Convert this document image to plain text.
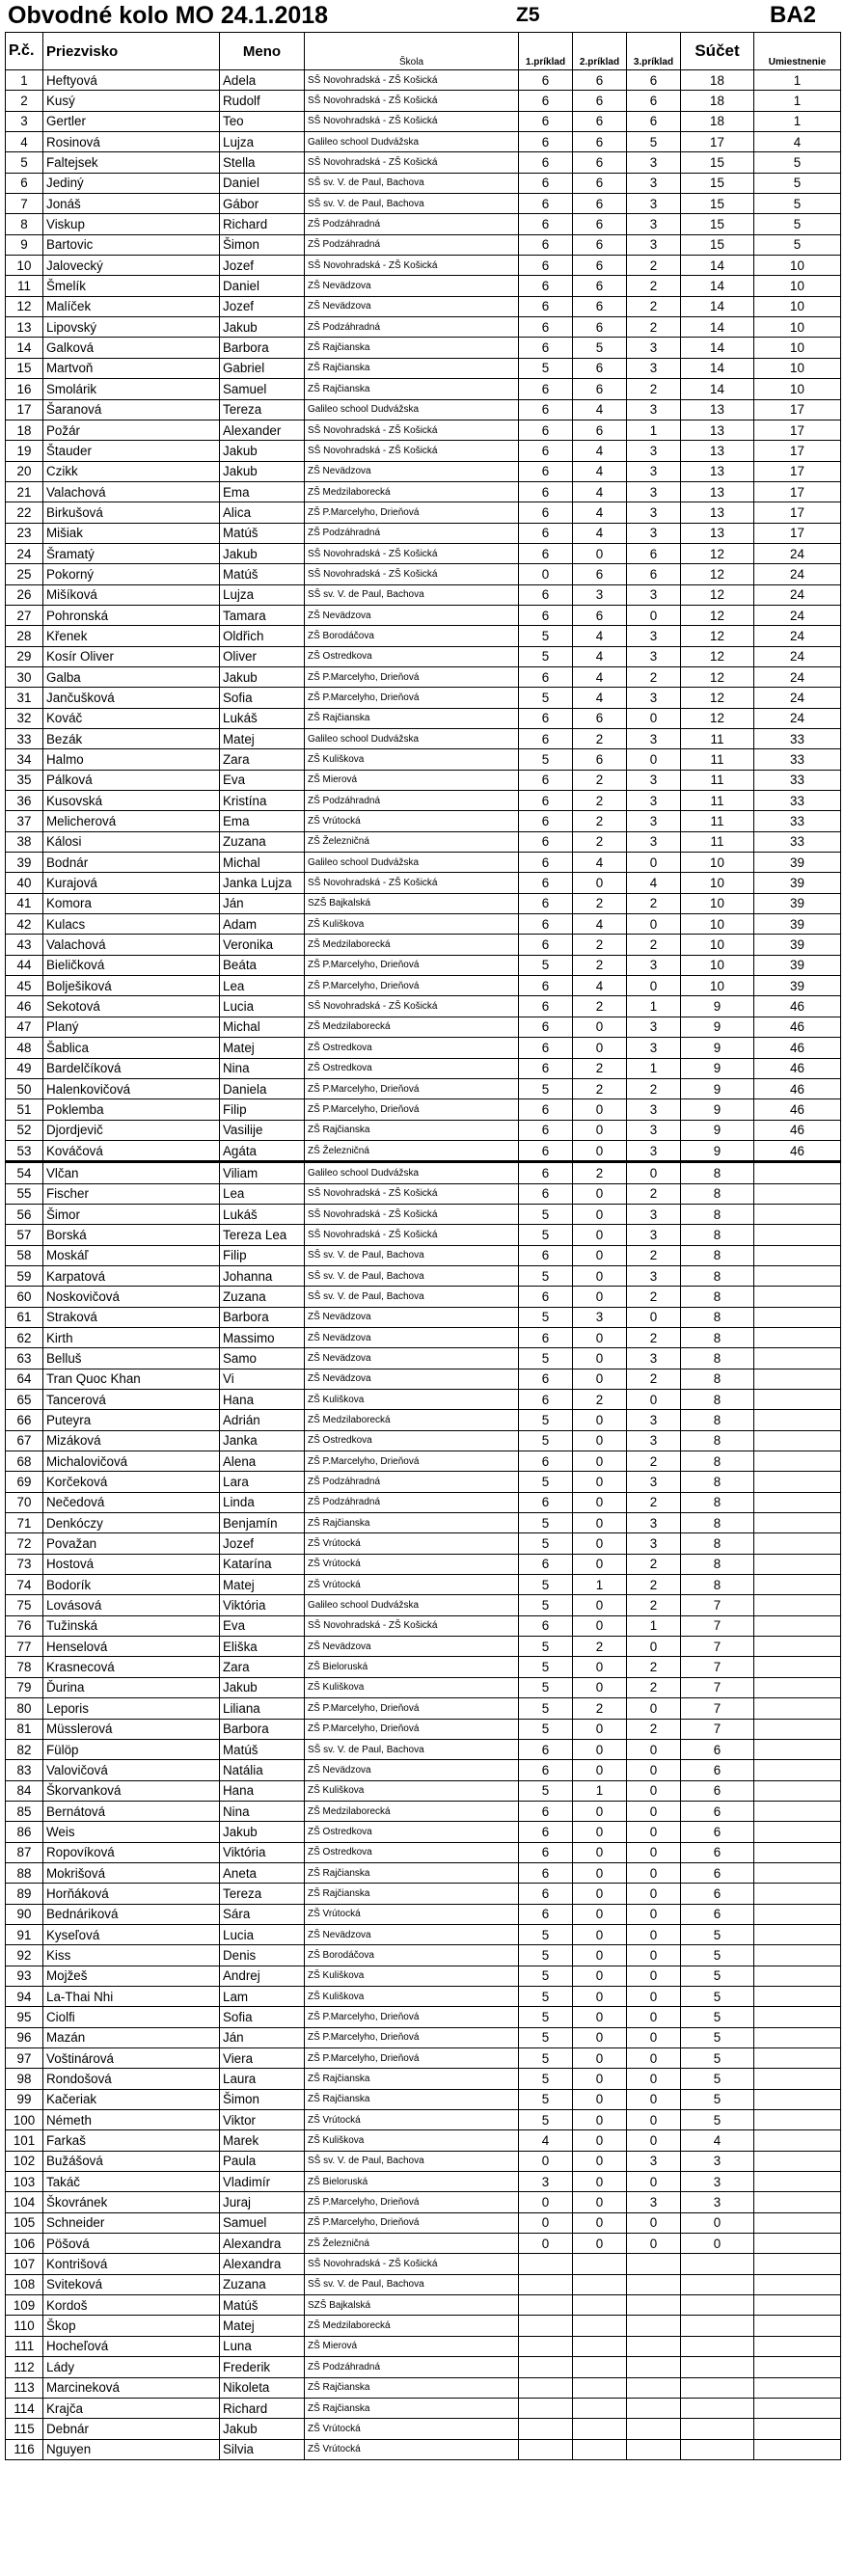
Obvodné kolo MO 24.1.2018	Z5	BA2
P.č.	Priezvisko	Meno	Škola	1.príklad	2.príklad	3.príklad	Súčet	Umiestnenie
1	Heftyová	Adela	SŠ Novohradská - ZŠ Košická	6	6	6	18	1
2	Kusý	Rudolf	SŠ Novohradská - ZŠ Košická	6	6	6	18	1
3	Gertler	Teo	SŠ Novohradská - ZŠ Košická	6	6	6	18	1
4	Rosinová	Lujza	Galileo school Dudvážska	6	6	5	17	4
5	Faltejsek	Stella	SŠ Novohradská - ZŠ Košická	6	6	3	15	5
6	Jediný	Daniel	SŠ sv. V. de Paul, Bachova	6	6	3	15	5
7	Jonáš	Gábor	SŠ sv. V. de Paul, Bachova	6	6	3	15	5
8	Viskup	Richard	ZŠ Podzáhradná	6	6	3	15	5
9	Bartovic	Šimon	ZŠ Podzáhradná	6	6	3	15	5
10	Jalovecký	Jozef	SŠ Novohradská - ZŠ Košická	6	6	2	14	10
11	Šmelík	Daniel	ZŠ Nevädzova	6	6	2	14	10
12	Malíček	Jozef	ZŠ Nevädzova	6	6	2	14	10
13	Lipovský	Jakub	ZŠ Podzáhradná	6	6	2	14	10
14	Galková	Barbora	ZŠ Rajčianska	6	5	3	14	10
15	Martvoň	Gabriel	ZŠ Rajčianska	5	6	3	14	10
16	Smolárik	Samuel	ZŠ Rajčianska	6	6	2	14	10
17	Šaranová	Tereza	Galileo school Dudvážska	6	4	3	13	17
18	Požár	Alexander	SŠ Novohradská - ZŠ Košická	6	6	1	13	17
19	Štauder	Jakub	SŠ Novohradská - ZŠ Košická	6	4	3	13	17
20	Czikk	Jakub	ZŠ Nevädzova	6	4	3	13	17
21	Valachová	Ema	ZŠ Medzilaborecká	6	4	3	13	17
22	Birkušová	Alica	ZŠ P.Marcelyho, Drieňová	6	4	3	13	17
23	Mišiak	Matúš	ZŠ Podzáhradná	6	4	3	13	17
24	Šramatý	Jakub	SŠ Novohradská - ZŠ Košická	6	0	6	12	24
25	Pokorný	Matúš	SŠ Novohradská - ZŠ Košická	0	6	6	12	24
26	Mišíková	Lujza	SŠ sv. V. de Paul, Bachova	6	3	3	12	24
27	Pohronská	Tamara	ZŠ Nevädzova	6	6	0	12	24
28	Křenek	Oldřich	ZŠ Borodáčova	5	4	3	12	24
29	Kosír Oliver	Oliver	ZŠ Ostredkova	5	4	3	12	24
30	Galba	Jakub	ZŠ P.Marcelyho, Drieňová	6	4	2	12	24
31	Jančušková	Sofia	ZŠ P.Marcelyho, Drieňová	5	4	3	12	24
32	Kováč	Lukáš	ZŠ Rajčianska	6	6	0	12	24
33	Bezák	Matej	Galileo school Dudvážska	6	2	3	11	33
34	Halmo	Zara	ZŠ Kuliškova	5	6	0	11	33
35	Pálková	Eva	ZŠ Mierová	6	2	3	11	33
36	Kusovská	Kristína	ZŠ Podzáhradná	6	2	3	11	33
37	Melicherová	Ema	ZŠ Vrútocká	6	2	3	11	33
38	Kálosi	Zuzana	ZŠ Železničná	6	2	3	11	33
39	Bodnár	Michal	Galileo school Dudvážska	6	4	0	10	39
40	Kurajová	Janka Lujza	SŠ Novohradská - ZŠ Košická	6	0	4	10	39
41	Komora	Ján	SZŠ Bajkalská	6	2	2	10	39
42	Kulacs	Adam	ZŠ Kuliškova	6	4	0	10	39
43	Valachová	Veronika	ZŠ Medzilaborecká	6	2	2	10	39
44	Bieličková	Beáta	ZŠ P.Marcelyho, Drieňová	5	2	3	10	39
45	Bolješiková	Lea	ZŠ P.Marcelyho, Drieňová	6	4	0	10	39
46	Sekotová	Lucia	SŠ Novohradská - ZŠ Košická	6	2	1	9	46
47	Planý	Michal	ZŠ Medzilaborecká	6	0	3	9	46
48	Šablica	Matej	ZŠ Ostredkova	6	0	3	9	46
49	Bardelčíková	Nina	ZŠ Ostredkova	6	2	1	9	46
50	Halenkovičová	Daniela	ZŠ P.Marcelyho, Drieňová	5	2	2	9	46
51	Poklemba	Filip	ZŠ P.Marcelyho, Drieňová	6	0	3	9	46
52	Djordjevič	Vasilije	ZŠ Rajčianska	6	0	3	9	46
53	Kováčová	Agáta	ZŠ Železničná	6	0	3	9	46
54	Vlčan	Viliam	Galileo school Dudvážska	6	2	0	8	
55	Fischer	Lea	SŠ Novohradská - ZŠ Košická	6	0	2	8	
56	Šimor	Lukáš	SŠ Novohradská - ZŠ Košická	5	0	3	8	
57	Borská	Tereza Lea	SŠ Novohradská - ZŠ Košická	5	0	3	8	
58	Moskáľ	Filip	SŠ sv. V. de Paul, Bachova	6	0	2	8	
59	Karpatová	Johanna	SŠ sv. V. de Paul, Bachova	5	0	3	8	
60	Noskovičová	Zuzana	SŠ sv. V. de Paul, Bachova	6	0	2	8	
61	Straková	Barbora	ZŠ Nevädzova	5	3	0	8	
62	Kirth	Massimo	ZŠ Nevädzova	6	0	2	8	
63	Belluš	Samo	ZŠ Nevädzova	5	0	3	8	
64	Tran Quoc Khan	Vi	ZŠ Nevädzova	6	0	2	8	
65	Tancerová	Hana	ZŠ Kuliškova	6	2	0	8	
66	Puteyra	Adrián	ZŠ Medzilaborecká	5	0	3	8	
67	Mizáková	Janka	ZŠ Ostredkova	5	0	3	8	
68	Michalovičová	Alena	ZŠ P.Marcelyho, Drieňová	6	0	2	8	
69	Korčeková	Lara	ZŠ Podzáhradná	5	0	3	8	
70	Nečedová	Linda	ZŠ Podzáhradná	6	0	2	8	
71	Denkóczy	Benjamín	ZŠ Rajčianska	5	0	3	8	
72	Považan	Jozef	ZŠ Vrútocká	5	0	3	8	
73	Hostová	Katarína	ZŠ Vrútocká	6	0	2	8	
74	Bodorík	Matej	ZŠ Vrútocká	5	1	2	8	
75	Lovásová	Viktória	Galileo school Dudvážska	5	0	2	7	
76	Tužinská	Eva	SŠ Novohradská - ZŠ Košická	6	0	1	7	
77	Henselová	Eliška	ZŠ Nevädzova	5	2	0	7	
78	Krasnecová	Zara	ZŠ Bieloruská	5	0	2	7	
79	Ďurina	Jakub	ZŠ Kuliškova	5	0	2	7	
80	Leporis	Liliana	ZŠ P.Marcelyho, Drieňová	5	2	0	7	
81	Müsslerová	Barbora	ZŠ P.Marcelyho, Drieňová	5	0	2	7	
82	Fülöp	Matúš	SŠ sv. V. de Paul, Bachova	6	0	0	6	
83	Valovičová	Natália	ZŠ Nevädzova	6	0	0	6	
84	Škorvanková	Hana	ZŠ Kuliškova	5	1	0	6	
85	Bernátová	Nina	ZŠ Medzilaborecká	6	0	0	6	
86	Weis	Jakub	ZŠ Ostredkova	6	0	0	6	
87	Ropovíková	Viktória	ZŠ Ostredkova	6	0	0	6	
88	Mokrišová	Aneta	ZŠ Rajčianska	6	0	0	6	
89	Horňáková	Tereza	ZŠ Rajčianska	6	0	0	6	
90	Bednáriková	Sára	ZŠ Vrútocká	6	0	0	6	
91	Kyseľová	Lucia	ZŠ Nevädzova	5	0	0	5	
92	Kiss	Denis	ZŠ Borodáčova	5	0	0	5	
93	Mojžeš	Andrej	ZŠ Kuliškova	5	0	0	5	
94	La-Thai Nhi	Lam	ZŠ Kuliškova	5	0	0	5	
95	Ciolfi	Sofia	ZŠ P.Marcelyho, Drieňová	5	0	0	5	
96	Mazán	Ján	ZŠ P.Marcelyho, Drieňová	5	0	0	5	
97	Voštinárová	Viera	ZŠ P.Marcelyho, Drieňová	5	0	0	5	
98	Rondošová	Laura	ZŠ Rajčianska	5	0	0	5	
99	Kačeriak	Šimon	ZŠ Rajčianska	5	0	0	5	
100	Németh	Viktor	ZŠ Vrútocká	5	0	0	5	
101	Farkaš	Marek	ZŠ Kuliškova	4	0	0	4	
102	Bužášová	Paula	SŠ sv. V. de Paul, Bachova	0	0	3	3	
103	Takáč	Vladimír	ZŠ Bieloruská	3	0	0	3	
104	Škovránek	Juraj	ZŠ P.Marcelyho, Drieňová	0	0	3	3	
105	Schneider	Samuel	ZŠ P.Marcelyho, Drieňová	0	0	0	0	
106	Pöšová	Alexandra	ZŠ Železničná	0	0	0	0	
107	Kontrišová	Alexandra	SŠ Novohradská - ZŠ Košická					
108	Sviteková	Zuzana	SŠ sv. V. de Paul, Bachova					
109	Kordoš	Matúš	SZŠ Bajkalská					
110	Škop	Matej	ZŠ Medzilaborecká					
111	Hocheľová	Luna	ZŠ Mierová					
112	Lády	Frederik	ZŠ Podzáhradná					
113	Marcineková	Nikoleta	ZŠ Rajčianska					
114	Krajča	Richard	ZŠ Rajčianska					
115	Debnár	Jakub	ZŠ Vrútocká					
116	Nguyen	Silvia	ZŠ Vrútocká					
